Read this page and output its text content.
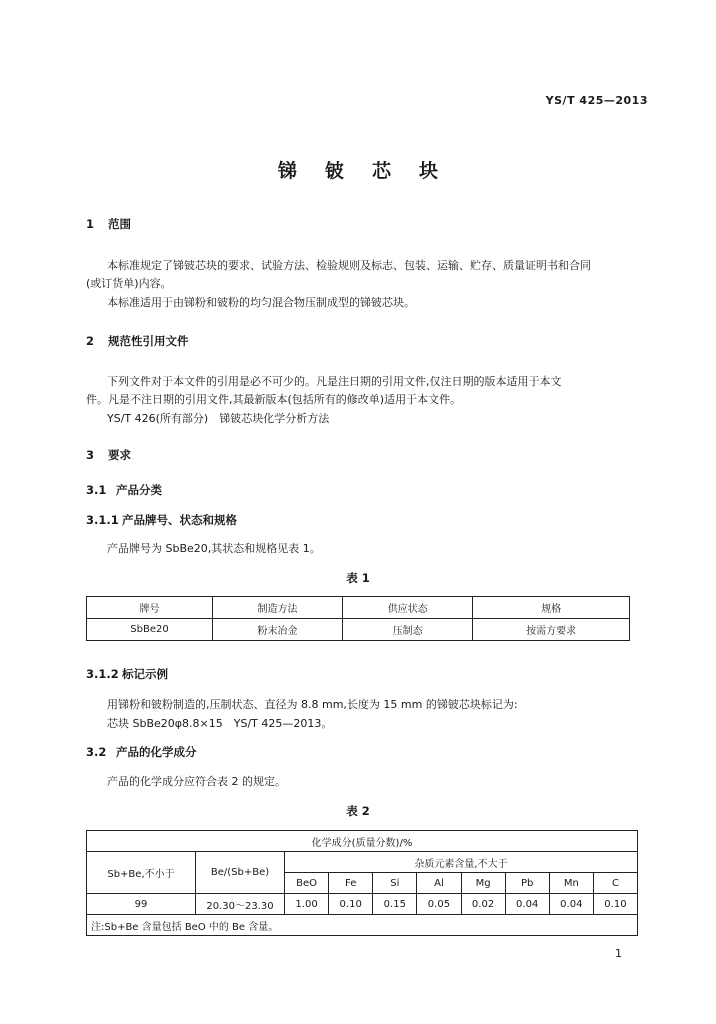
YS/T 425—2013
锑铍芯块
1 范围
本标准规定了锑铍芯块的要求、试验方法、检验规则及标志、包装、运输、贮存、质量证明书和合同
(或订货单)内容。
本标准适用于由锑粉和铍粉的均匀混合物压制成型的锑铍芯块。
2 规范性引用文件
下列文件对于本文件的引用是必不可少的。凡是注日期的引用文件,仅注日期的版本适用于本文
件。凡是不注日期的引用文件,其最新版本(包括所有的修改单)适用于本文件。
YS/T 426(所有部分)　锑铍芯块化学分析方法
3 要求
3.1 产品分类
3.1.1 产品牌号、状态和规格
产品牌号为 SbBe20,其状态和规格见表 1。
表 1
牌号	制造方法	供应状态	规格
SbBe20	粉末冶金	压制态	按需方要求
3.1.2 标记示例
用锑粉和铍粉制造的,压制状态、直径为 8.8 mm,长度为 15 mm 的锑铍芯块标记为:
芯块 SbBe20φ8.8×15　YS/T 425—2013。
3.2 产品的化学成分
产品的化学成分应符合表 2 的规定。
表 2
化学成分(质量分数)/%									
Sb+Be,不小于	Be/(Sb+Be)	杂质元素含量,不大于							
		BeO	Fe	Si	Al	Mg	Pb	Mn	C
99	20.30～23.30	1.00	0.10	0.15	0.05	0.02	0.04	0.04	0.10
注:Sb+Be 含量包括 BeO 中的 Be 含量。									
1
